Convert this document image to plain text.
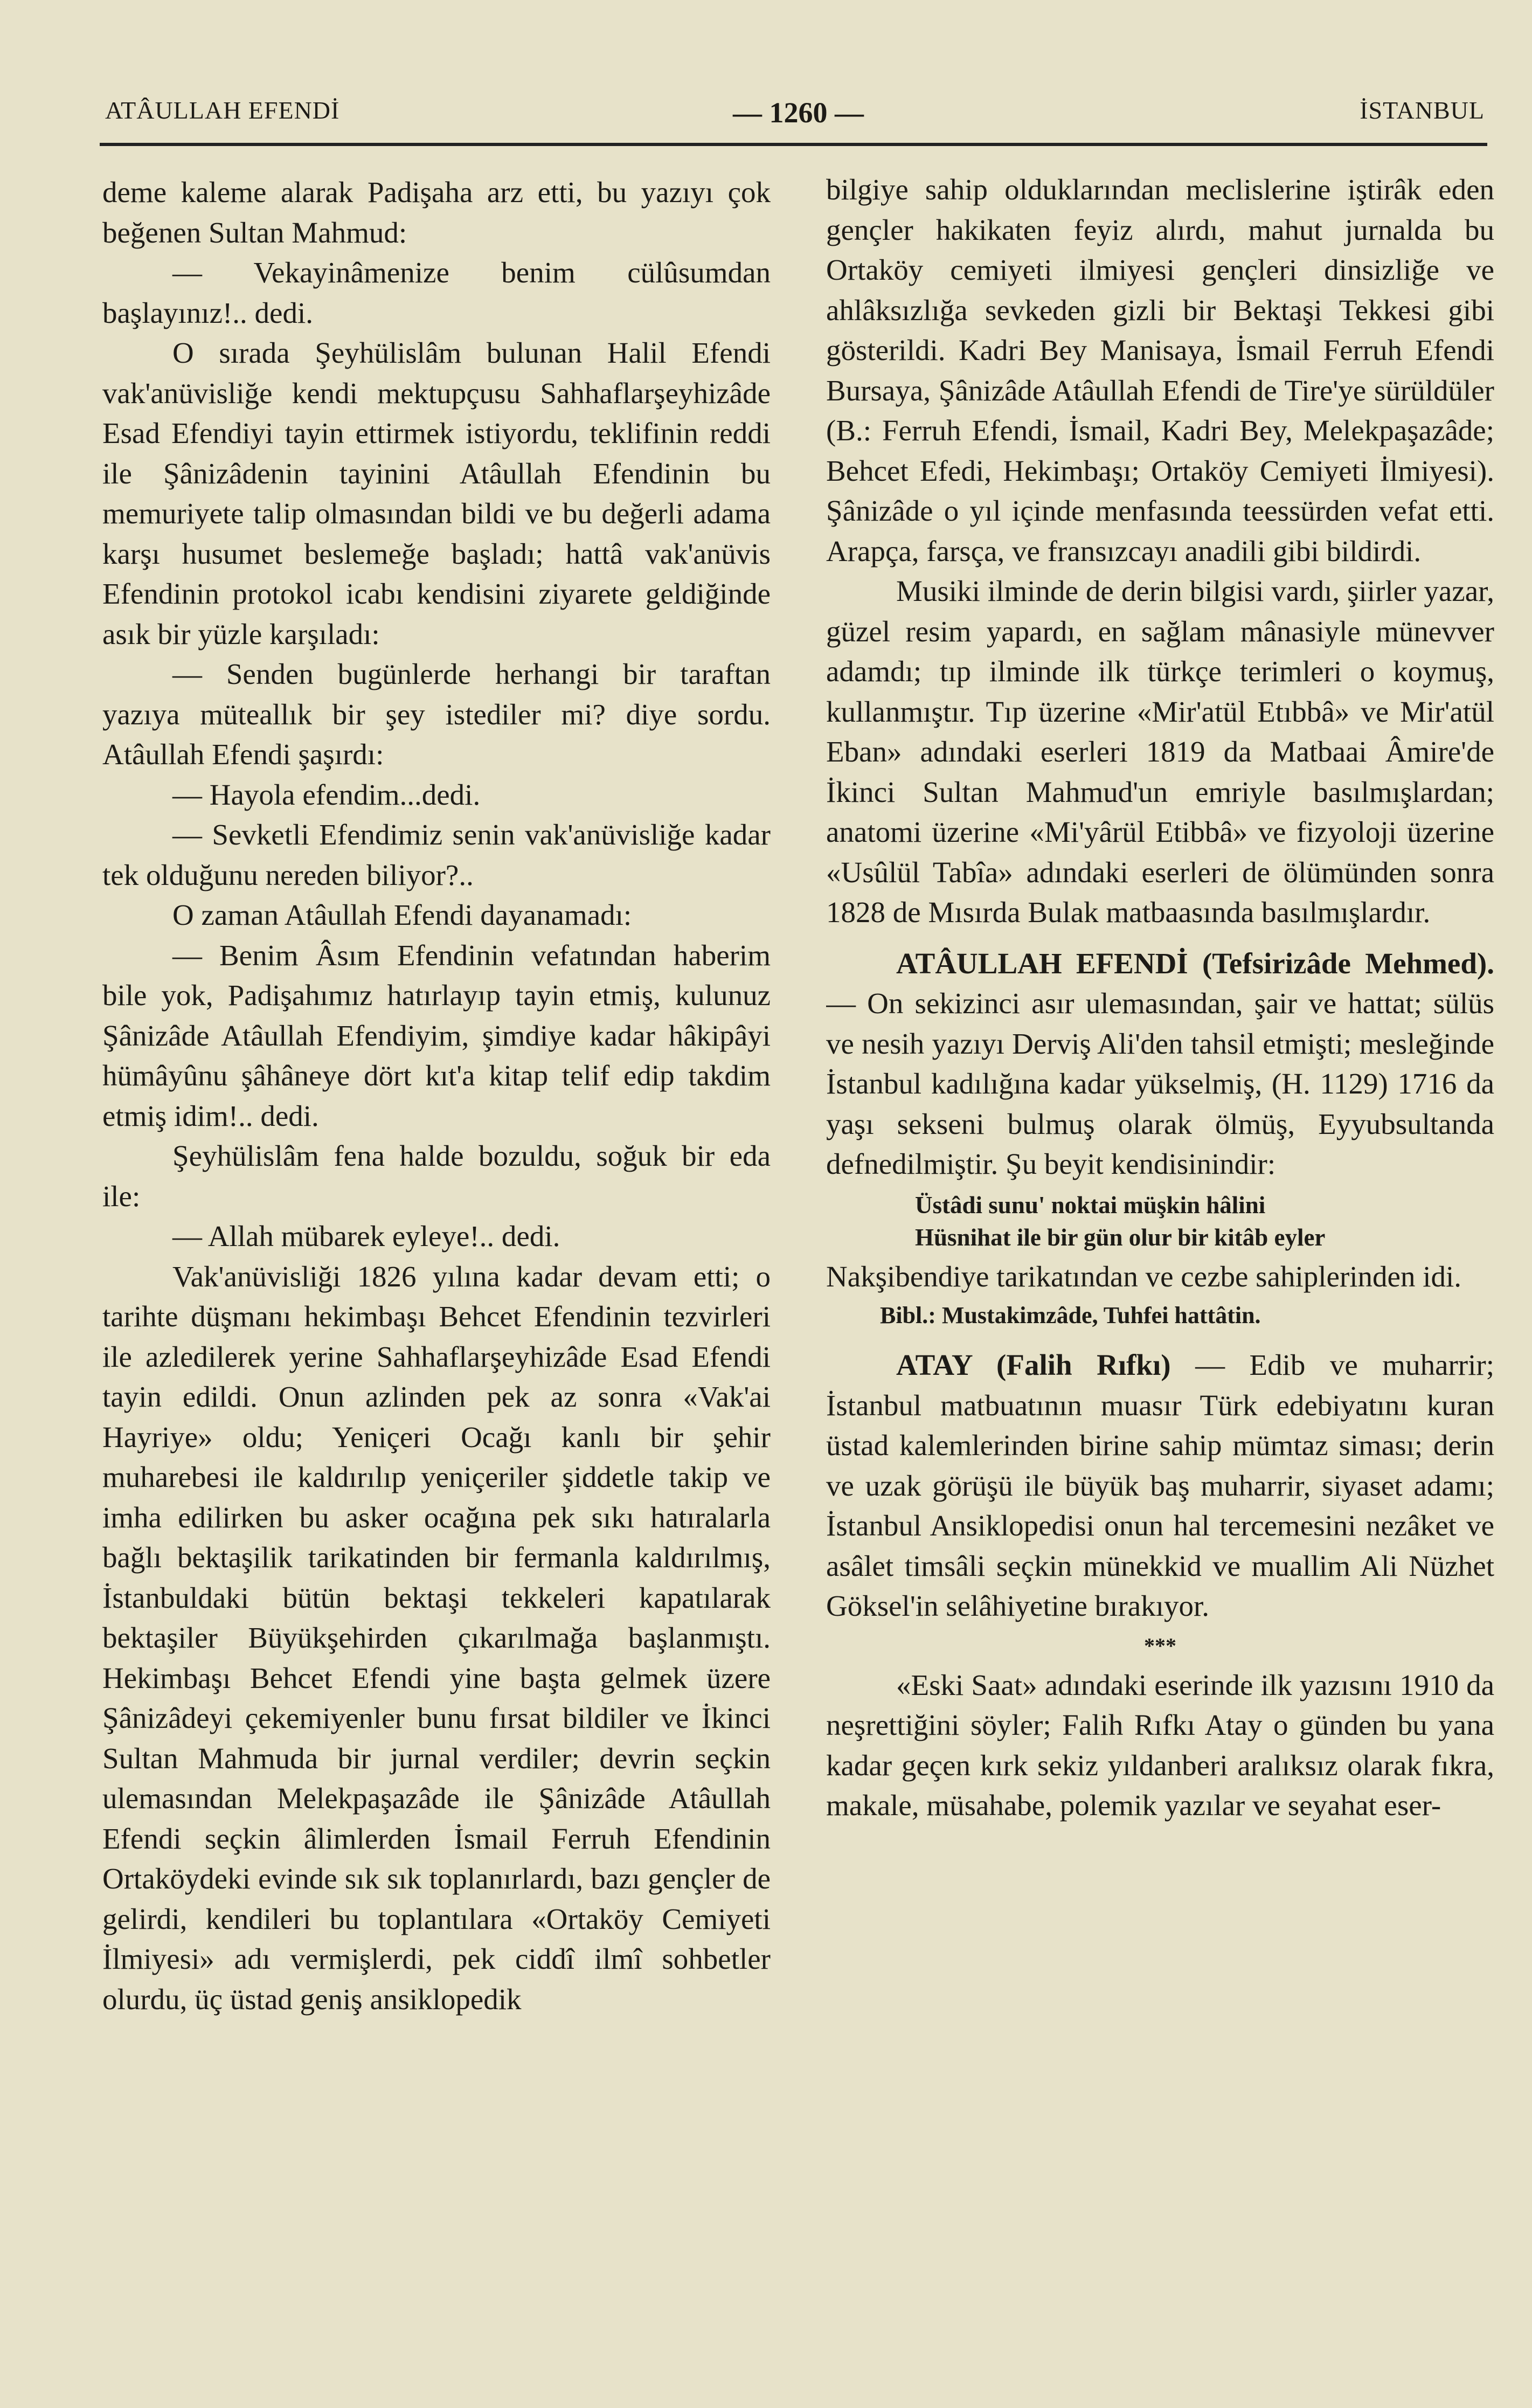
ATÂULLAH EFENDİ	— 1260 —	İSTANBUL

deme kaleme alarak Padişaha arz etti, bu yazıyı çok beğenen Sultan Mahmud:

— Vekayinâmenize benim cülûsumdan başlayınız!.. dedi.

O sırada Şeyhülislâm bulunan Halil Efendi vak'anüvisliğe kendi mektupçusu Sahhaflarşeyhizâde Esad Efendiyi tayin ettirmek istiyordu, teklifinin reddi ile Şânizâdenin tayinini Atâullah Efendinin bu memuriyete talip olmasından bildi ve bu değerli adama karşı husumet beslemeğe başladı; hattâ vak'anüvis Efendinin protokol icabı kendisini ziyarete geldiğinde asık bir yüzle karşıladı:

— Senden bugünlerde herhangi bir taraftan yazıya müteallık bir şey istediler mi? diye sordu. Atâullah Efendi şaşırdı:

— Hayola efendim...dedi.

— Sevketli Efendimiz senin vak'anüvisliğe kadar tek olduğunu nereden biliyor?..

O zaman Atâullah Efendi dayanamadı:

— Benim Âsım Efendinin vefatından haberim bile yok, Padişahımız hatırlayıp tayin etmiş, kulunuz Şânizâde Atâullah Efendiyim, şimdiye kadar hâkipâyi hümâyûnu şâhâneye dört kıt'a kitap telif edip takdim etmiş idim!.. dedi.

Şeyhülislâm fena halde bozuldu, soğuk bir eda ile:

— Allah mübarek eyleye!.. dedi.

Vak'anüvisliği 1826 yılına kadar devam etti; o tarihte düşmanı hekimbaşı Behcet Efendinin tezvirleri ile azledilerek yerine Sahhaflarşeyhizâde Esad Efendi tayin edildi. Onun azlinden pek az sonra «Vak'ai Hayriye» oldu; Yeniçeri Ocağı kanlı bir şehir muharebesi ile kaldırılıp yeniçeriler şiddetle takip ve imha edilirken bu asker ocağına pek sıkı hatıralarla bağlı bektaşilik tarikatinden bir fermanla kaldırılmış, İstanbuldaki bütün bektaşi tekkeleri kapatılarak bektaşiler Büyükşehirden çıkarılmağa başlanmıştı. Hekimbaşı Behcet Efendi yine başta gelmek üzere Şânizâdeyi çekemiyenler bunu fırsat bildiler ve İkinci Sultan Mahmuda bir jurnal verdiler; devrin seçkin ulemasından Melekpaşazâde ile Şânizâde Atâullah Efendi seçkin âlimlerden İsmail Ferruh Efendinin Ortaköydeki evinde sık sık toplanırlardı, bazı gençler de gelirdi, kendileri bu toplantılara «Ortaköy Cemiyeti İlmiyesi» adı vermişlerdi, pek ciddî ilmî sohbetler olurdu, üç üstad geniş ansiklopedik

bilgiye sahip olduklarından meclislerine iştirâk eden gençler hakikaten feyiz alırdı, mahut jurnalda bu Ortaköy cemiyeti ilmiyesi gençleri dinsizliğe ve ahlâksızlığa sevkeden gizli bir Bektaşi Tekkesi gibi gösterildi. Kadri Bey Manisaya, İsmail Ferruh Efendi Bursaya, Şânizâde Atâullah Efendi de Tire'ye sürüldüler (B.: Ferruh Efendi, İsmail, Kadri Bey, Melekpaşazâde; Behcet Efedi, Hekimbaşı; Ortaköy Cemiyeti İlmiyesi). Şânizâde o yıl içinde menfasında teessürden vefat etti. Arapça, farsça, ve fransızcayı anadili gibi bildirdi.

Musiki ilminde de derin bilgisi vardı, şiirler yazar, güzel resim yapardı, en sağlam mânasiyle münevver adamdı; tıp ilminde ilk türkçe terimleri o koymuş, kullanmıştır. Tıp üzerine «Mir'atül Etıbbâ» ve Mir'atül Eban» adındaki eserleri 1819 da Matbaai Âmire'de İkinci Sultan Mahmud'un emriyle basılmışlardan; anatomi üzerine «Mi'yârül Etibbâ» ve fizyoloji üzerine «Usûlül Tabîa» adındaki eserleri de ölümünden sonra 1828 de Mısırda Bulak matbaasında basılmışlardır.

ATÂULLAH EFENDİ (Tefsirizâde Mehmed). — On sekizinci asır ulemasından, şair ve hattat; sülüs ve nesih yazıyı Derviş Ali'den tahsil etmişti; mesleğinde İstanbul kadılığına kadar yükselmiş, (H. 1129) 1716 da yaşı sekseni bulmuş olarak ölmüş, Eyyubsultanda defnedilmiştir. Şu beyit kendisinindir:

Üstâdi sunu' noktai müşkin hâlini
Hüsnihat ile bir gün olur bir kitâb eyler

Nakşibendiye tarikatından ve cezbe sahiplerinden idi.

Bibl.: Mustakimzâde, Tuhfei hattâtin.

ATAY (Falih Rıfkı) — Edib ve muharrir; İstanbul matbuatının muasır Türk edebiyatını kuran üstad kalemlerinden birine sahip mümtaz siması; derin ve uzak görüşü ile büyük baş muharrir, siyaset adamı; İstanbul Ansiklopedisi onun hal tercemesini nezâket ve asâlet timsâli seçkin münekkid ve muallim Ali Nüzhet Göksel'in selâhiyetine bırakıyor.

***

«Eski Saat» adındaki eserinde ilk yazısını 1910 da neşrettiğini söyler; Falih Rıfkı Atay o günden bu yana kadar geçen kırk sekiz yıldanberi aralıksız olarak fıkra, makale, müsahabe, polemik yazılar ve seyahat eser-
